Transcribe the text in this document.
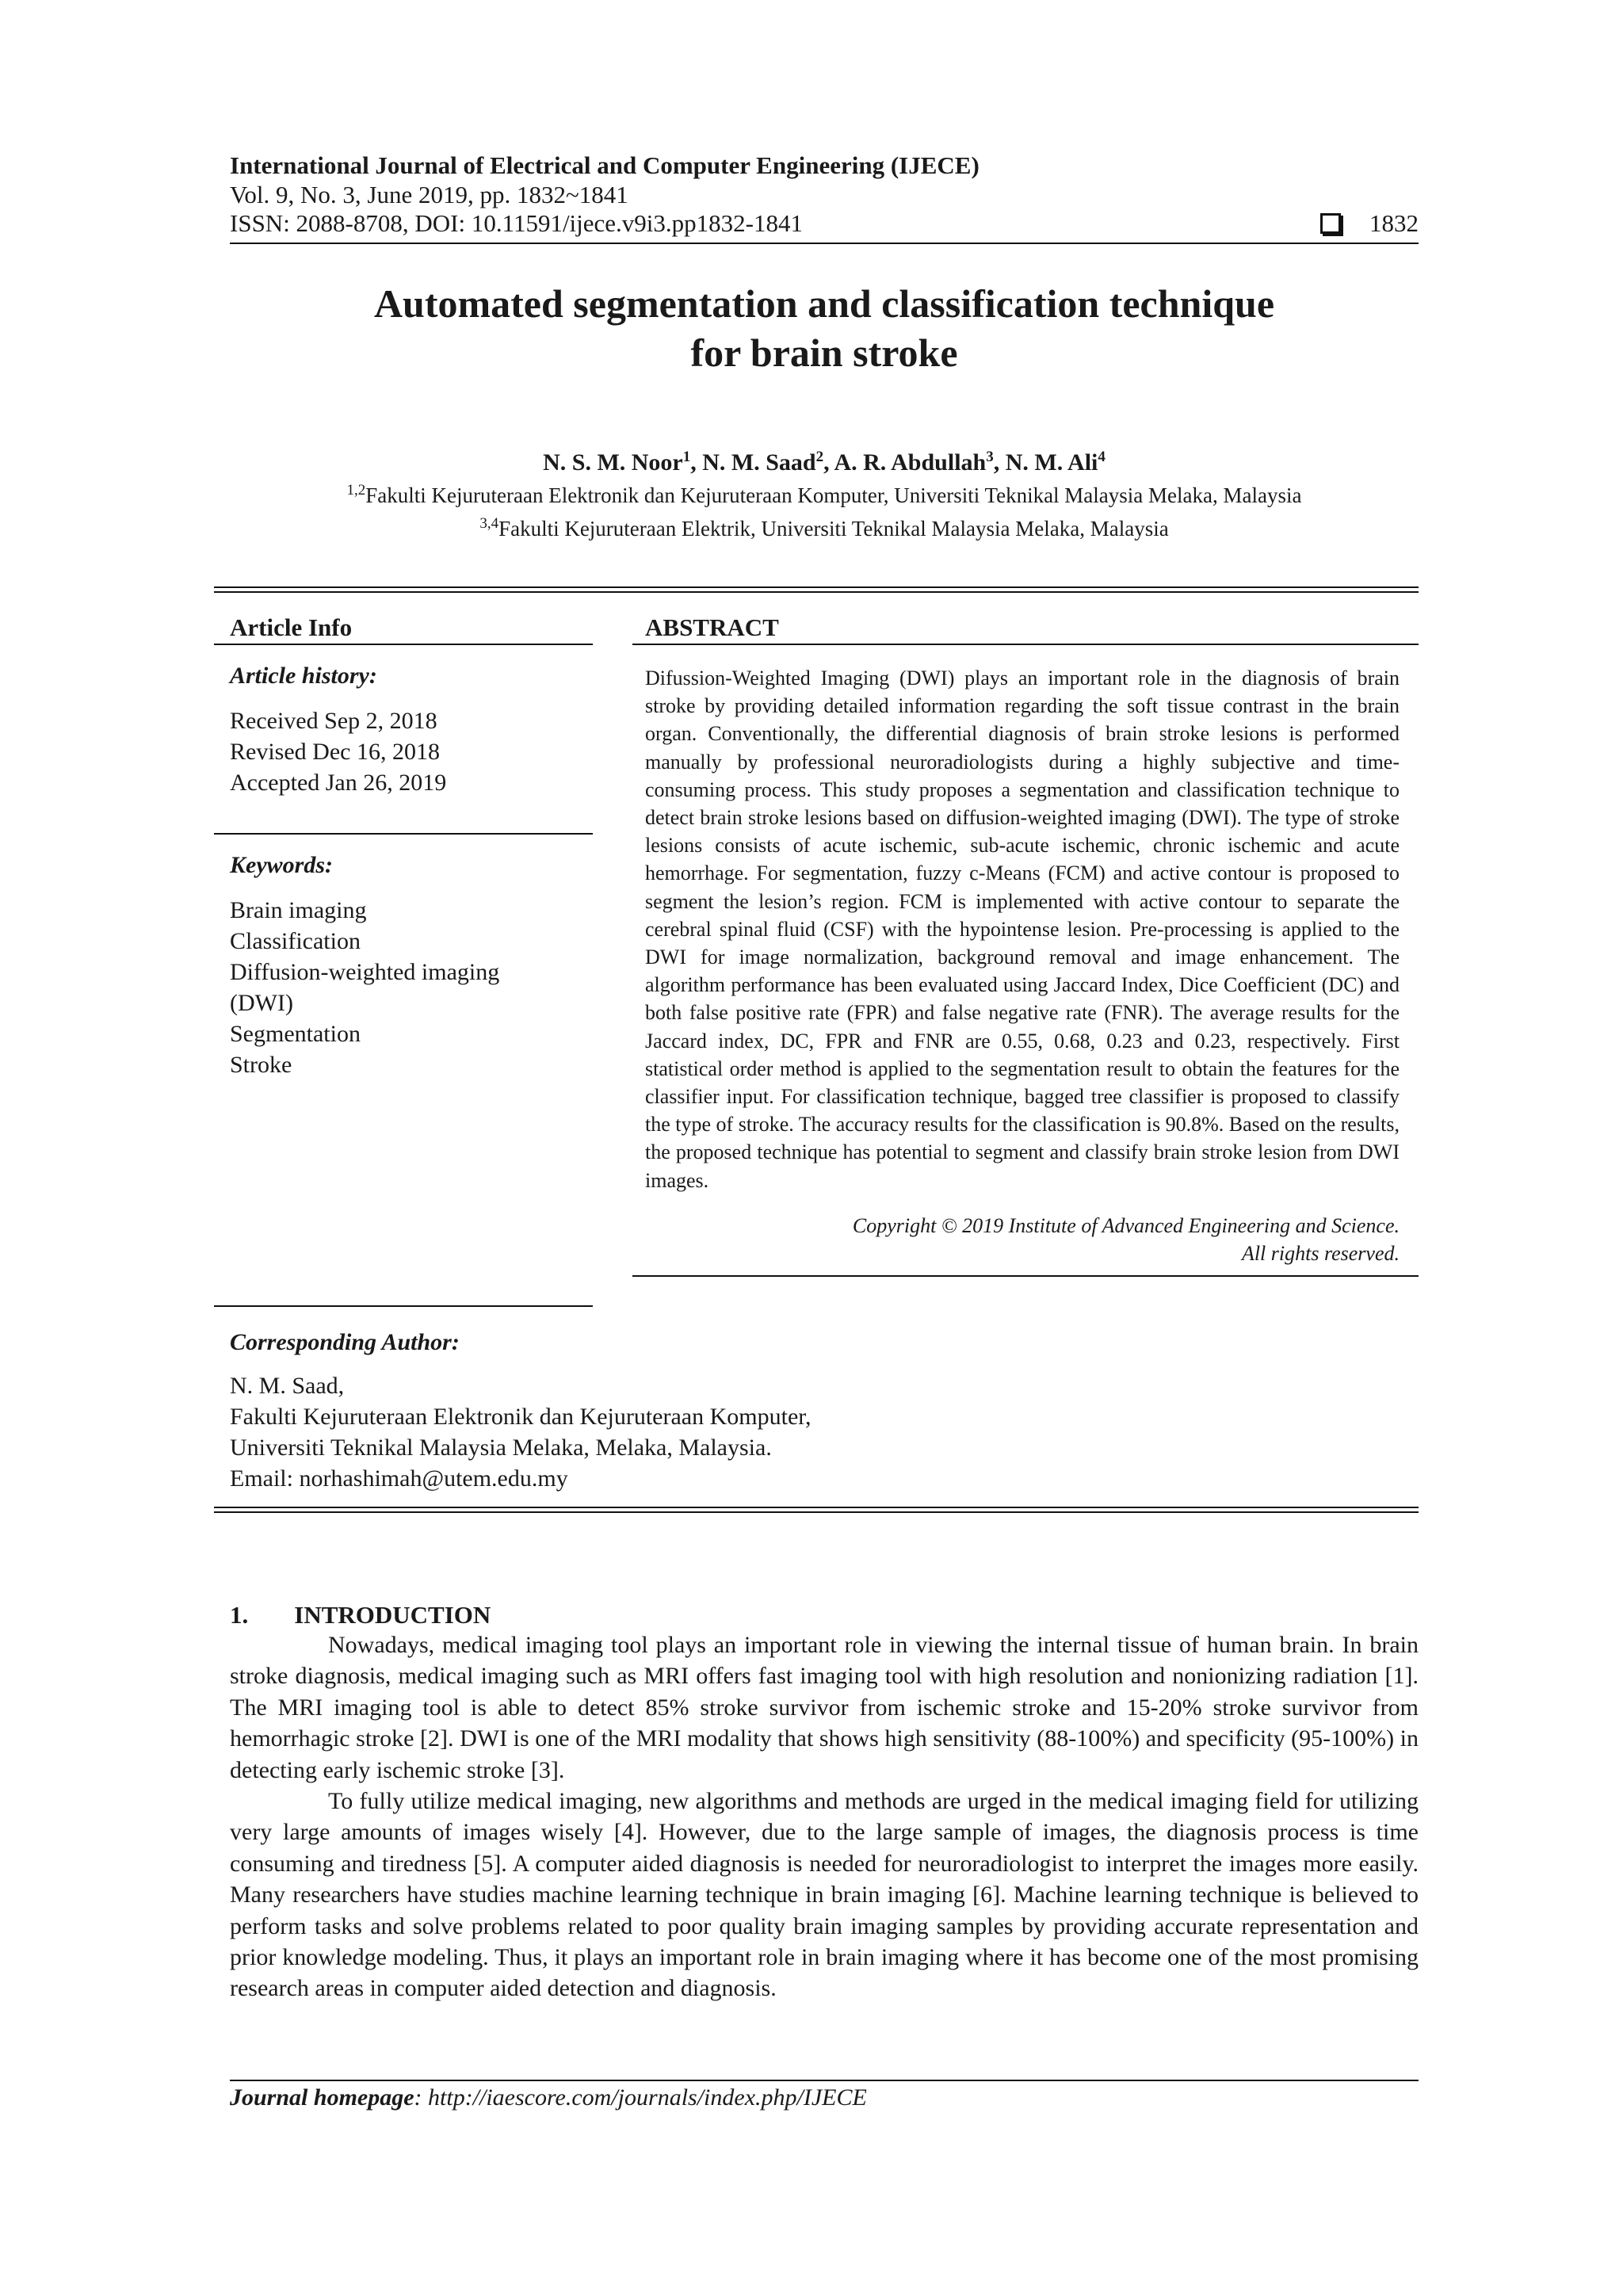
International Journal of Electrical and Computer Engineering (IJECE)
Vol. 9, No. 3, June 2019, pp. 1832~1841
ISSN: 2088-8708, DOI: 10.11591/ijece.v9i3.pp1832-1841	1832
Automated segmentation and classification technique
for brain stroke
N. S. M. Noor$^1$, N. M. Saad$^2$, A. R. Abdullah$^3$, N. M. Ali$^4$
$^{1,2}$Fakulti Kejuruteraan Elektronik dan Kejuruteraan Komputer, Universiti Teknikal Malaysia Melaka, Malaysia
$^{3,4}$Fakulti Kejuruteraan Elektrik, Universiti Teknikal Malaysia Melaka, Malaysia
Article Info
Article history:
Received Sep 2, 2018
Revised Dec 16, 2018
Accepted Jan 26, 2019
Keywords:
Brain imaging
Classification
Diffusion-weighted imaging
(DWI)
Segmentation
Stroke
ABSTRACT
Difussion-Weighted Imaging (DWI) plays an important role in the diagnosis of brain stroke by providing detailed information regarding the soft tissue contrast in the brain organ. Conventionally, the differential diagnosis of brain stroke lesions is performed manually by professional neuroradiologists during a highly subjective and time- consuming process. This study proposes a segmentation and classification technique to detect brain stroke lesions based on diffusion-weighted imaging (DWI). The type of stroke lesions consists of acute ischemic, sub-acute ischemic, chronic ischemic and acute hemorrhage. For segmentation, fuzzy c-Means (FCM) and active contour is proposed to segment the lesion’s region. FCM is implemented with active contour to separate the cerebral spinal fluid (CSF) with the hypointense lesion. Pre-processing is applied to the DWI for image normalization, background removal and image enhancement. The algorithm performance has been evaluated using Jaccard Index, Dice Coefficient (DC) and both false positive rate (FPR) and false negative rate (FNR). The average results for the Jaccard index, DC, FPR and FNR are 0.55, 0.68, 0.23 and 0.23, respectively. First statistical order method is applied to the segmentation result to obtain the features for the classifier input. For classification technique, bagged tree classifier is proposed to classify the type of stroke. The accuracy results for the classification is 90.8%. Based on the results, the proposed technique has potential to segment and classify brain stroke lesion from DWI images.
Copyright © 2019 Institute of Advanced Engineering and Science.
All rights reserved.
Corresponding Author:
N. M. Saad,
Fakulti Kejuruteraan Elektronik dan Kejuruteraan Komputer,
Universiti Teknikal Malaysia Melaka, Melaka, Malaysia.
Email: norhashimah@utem.edu.my
1. INTRODUCTION

Nowadays, medical imaging tool plays an important role in viewing the internal tissue of human brain. In brain stroke diagnosis, medical imaging such as MRI offers fast imaging tool with high resolution and nonionizing radiation [1]. The MRI imaging tool is able to detect 85% stroke survivor from ischemic stroke and 15-20% stroke survivor from hemorrhagic stroke [2]. DWI is one of the MRI modality that shows high sensitivity (88-100%) and specificity (95-100%) in detecting early ischemic stroke [3].

To fully utilize medical imaging, new algorithms and methods are urged in the medical imaging field for utilizing very large amounts of images wisely [4]. However, due to the large sample of images, the diagnosis process is time consuming and tiredness [5]. A computer aided diagnosis is needed for neuroradiologist to interpret the images more easily. Many researchers have studies machine learning technique in brain imaging [6]. Machine learning technique is believed to perform tasks and solve problems related to poor quality brain imaging samples by providing accurate representation and prior knowledge modeling. Thus, it plays an important role in brain imaging where it has become one of the most promising research areas in computer aided detection and diagnosis.

Journal homepage: http://iaescore.com/journals/index.php/IJECE
